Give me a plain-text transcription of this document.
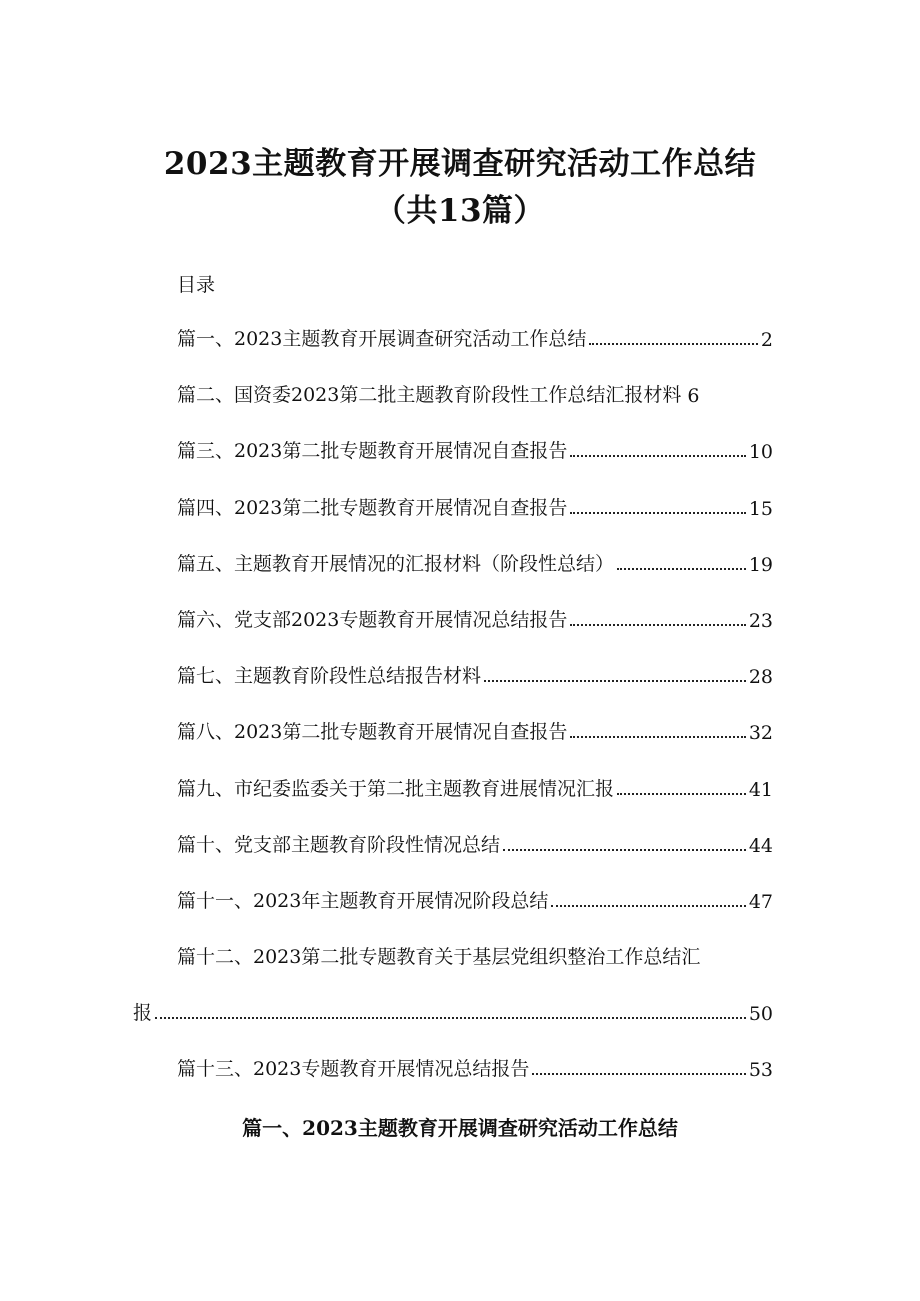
2023主题教育开展调查研究活动工作总结
（共13篇）
目录
篇一、2023主题教育开展调查研究活动工作总结	2
篇二、国资委2023第二批主题教育阶段性工作总结汇报材料 6
篇三、2023第二批专题教育开展情况自查报告	10
篇四、2023第二批专题教育开展情况自查报告	15
篇五、主题教育开展情况的汇报材料（阶段性总结）	19
篇六、党支部2023专题教育开展情况总结报告	23
篇七、主题教育阶段性总结报告材料	28
篇八、2023第二批专题教育开展情况自查报告	32
篇九、市纪委监委关于第二批主题教育进展情况汇报	41
篇十、党支部主题教育阶段性情况总结	44
篇十一、2023年主题教育开展情况阶段总结	47
篇十二、2023第二批专题教育关于基层党组织整治工作总结汇
报	50
篇十三、2023专题教育开展情况总结报告	53
篇一、2023主题教育开展调查研究活动工作总结
